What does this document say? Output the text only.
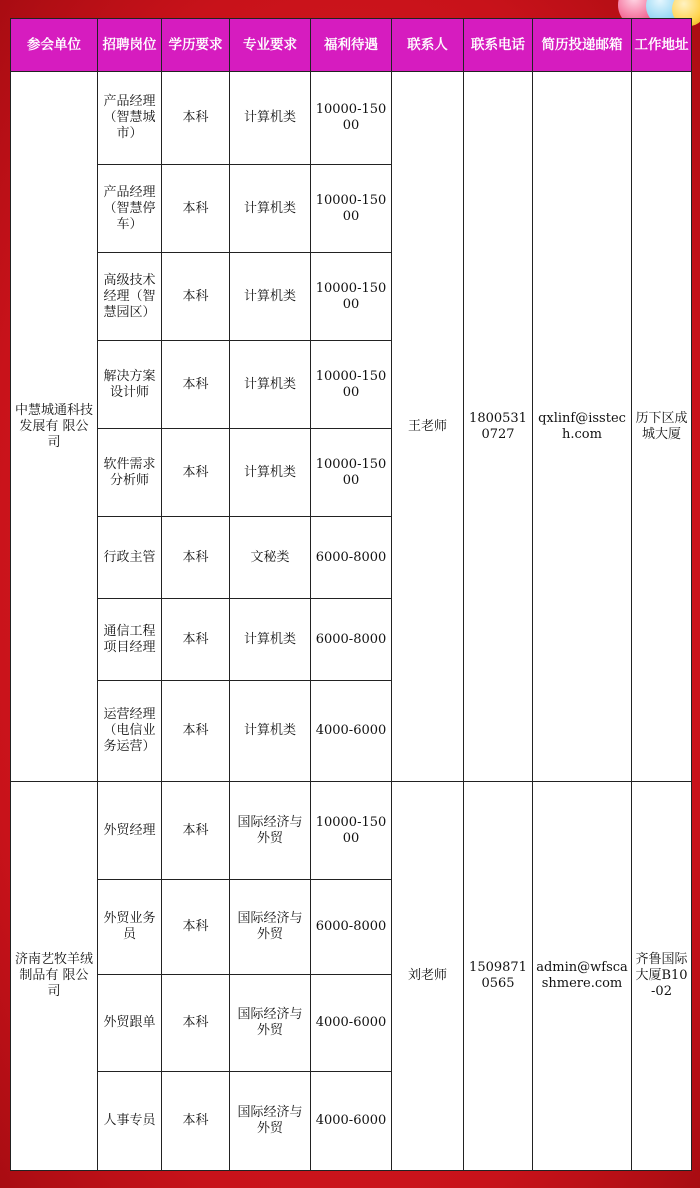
参会单位	招聘岗位	学历要求	专业要求	福利待遇	联系人	联系电话	简历投递邮箱	工作地址
中慧城通科技发展有 限公司	产品经理（智慧城市）	本科	计算机类	10000-15000	王老师	18005310727	qxlinf@isstech.com	历下区成城大厦
	产品经理（智慧停车）	本科	计算机类	10000-15000				
	高级技术经理（智慧园区）	本科	计算机类	10000-15000				
	解决方案设计师	本科	计算机类	10000-15000				
	软件需求分析师	本科	计算机类	10000-15000				
	行政主管	本科	文秘类	6000-8000				
	通信工程项目经理	本科	计算机类	6000-8000				
	运营经理（电信业务运营）	本科	计算机类	4000-6000				
济南艺牧羊绒制品有 限公司	外贸经理	本科	国际经济与外贸	10000-15000	刘老师	15098710565	admin@wfscashmere.com	齐鲁国际大厦B10-02
	外贸业务员	本科	国际经济与外贸	6000-8000				
	外贸跟单	本科	国际经济与外贸	4000-6000				
	人事专员	本科	国际经济与外贸	4000-6000				
